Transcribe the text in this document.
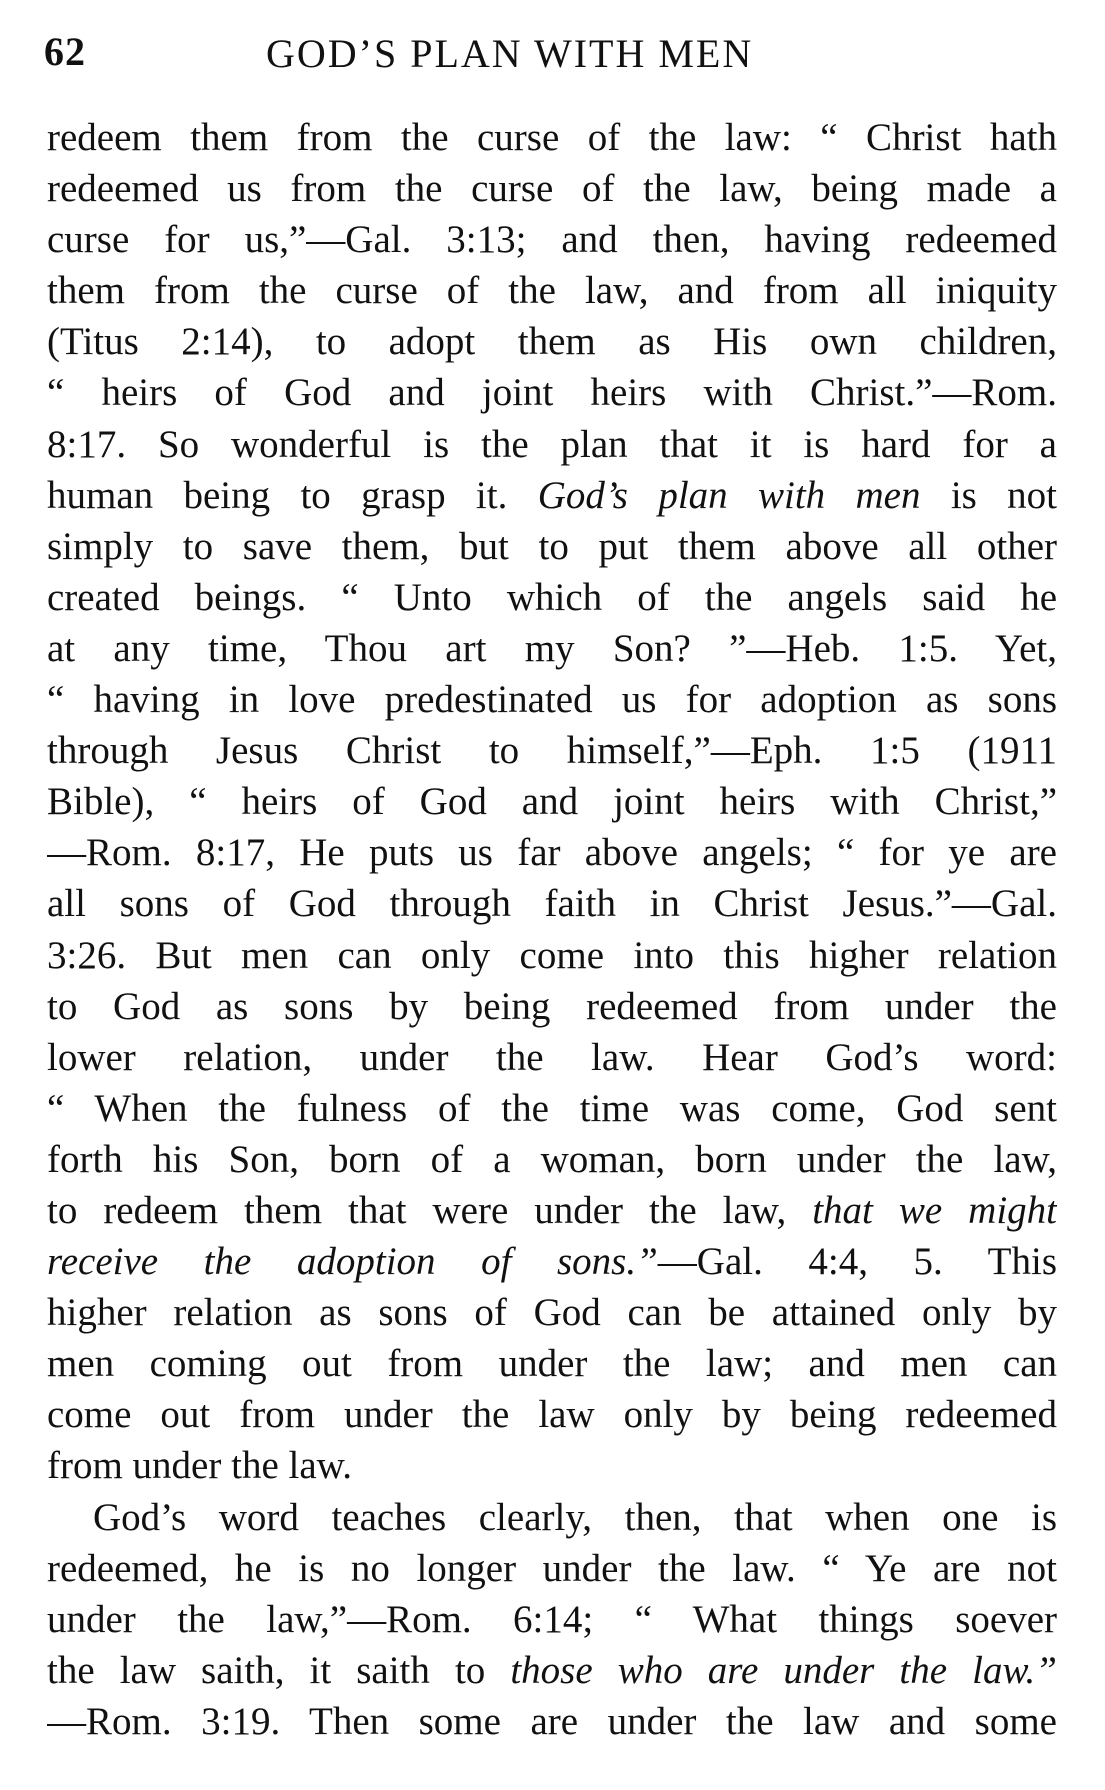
62	GOD’S PLAN WITH MEN
redeem them from the curse of the law: “ Christ hath
redeemed us from the curse of the law, being made a
curse for us,”—Gal. 3:13; and then, having redeemed
them from the curse of the law, and from all iniquity
(Titus 2:14), to adopt them as His own children,
“ heirs of God and joint heirs with Christ.”—Rom.
8:17. So wonderful is the plan that it is hard for a
human being to grasp it. God’s plan with men is not
simply to save them, but to put them above all other
created beings. “ Unto which of the angels said he
at any time, Thou art my Son? ”—Heb. 1:5. Yet,
“ having in love predestinated us for adoption as sons
through Jesus Christ to himself,”—Eph. 1:5 (1911
Bible), “ heirs of God and joint heirs with Christ,”
—Rom. 8:17, He puts us far above angels; “ for ye are
all sons of God through faith in Christ Jesus.”—Gal.
3:26. But men can only come into this higher relation
to God as sons by being redeemed from under the
lower relation, under the law. Hear God’s word:
“ When the fulness of the time was come, God sent
forth his Son, born of a woman, born under the law,
to redeem them that were under the law, that we might
receive the adoption of sons.”—Gal. 4:4, 5. This
higher relation as sons of God can be attained only by
men coming out from under the law; and men can
come out from under the law only by being redeemed
from under the law.
God’s word teaches clearly, then, that when one is
redeemed, he is no longer under the law. “ Ye are not
under the law,”—Rom. 6:14; “ What things soever
the law saith, it saith to those who are under the law.”
—Rom. 3:19. Then some are under the law and some
